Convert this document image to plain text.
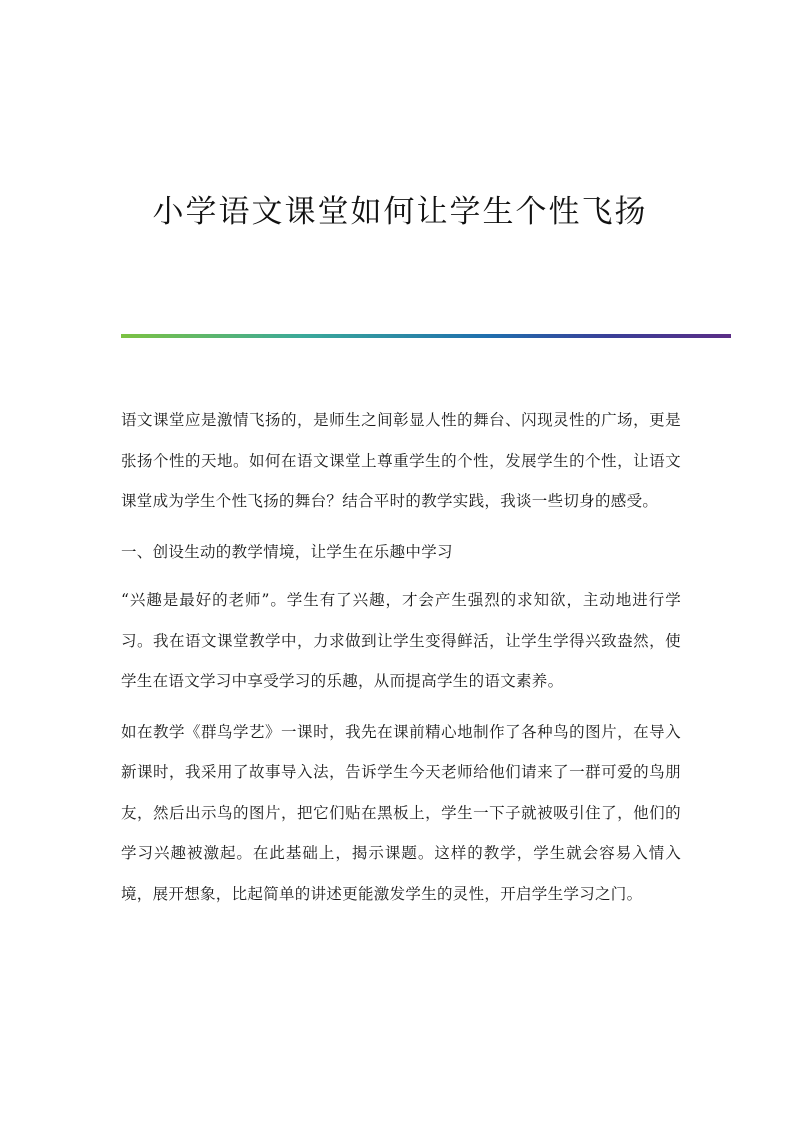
小学语文课堂如何让学生个性飞扬

语文课堂应是激情飞扬的，是师生之间彰显人性的舞台、闪现灵性的广场，更是张扬个性的天地。如何在语文课堂上尊重学生的个性，发展学生的个性，让语文课堂成为学生个性飞扬的舞台？结合平时的教学实践，我谈一些切身的感受。

一、创设生动的教学情境，让学生在乐趣中学习

“兴趣是最好的老师”。学生有了兴趣，才会产生强烈的求知欲，主动地进行学习。我在语文课堂教学中，力求做到让学生变得鲜活，让学生学得兴致盎然，使学生在语文学习中享受学习的乐趣，从而提高学生的语文素养。

如在教学《群鸟学艺》一课时，我先在课前精心地制作了各种鸟的图片，在导入新课时，我采用了故事导入法，告诉学生今天老师给他们请来了一群可爱的鸟朋友，然后出示鸟的图片，把它们贴在黑板上，学生一下子就被吸引住了，他们的学习兴趣被激起。在此基础上，揭示课题。这样的教学，学生就会容易入情入境，展开想象，比起简单的讲述更能激发学生的灵性，开启学生学习之门。
